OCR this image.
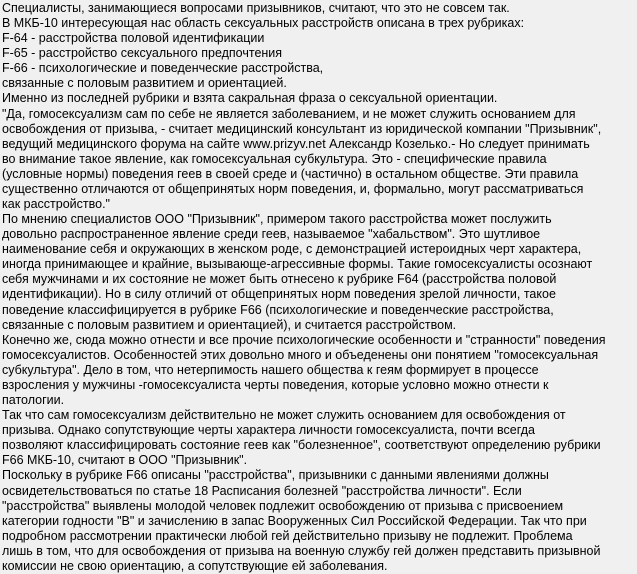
Специалисты, занимающиеся вопросами призывников, считают, что это не совсем так.
В МКБ-10 интересующая нас область сексуальных расстройств описана в трех рубриках:
F-64 - расстройства половой идентификации
F-65 - расстройство сексуального предпочтения
F-66 - психологические и поведенческие расстройства,
связанные с половым развитием и ориентацией.
Именно из последней рубрики и взята сакральная фраза о сексуальной ориентации.
"Да, гомосексуализм сам по себе не является заболеванием, и не может служить основанием для
освобождения от призыва, - считает медицинский консультант из юридической компании "Призывник",
ведущий медицинского форума на сайте www.prizyv.net Александр Козелько.- Но следует принимать
во внимание такое явление, как гомосексуальная субкультура. Это - специфические правила
(условные нормы) поведения геев в своей среде и (частично) в остальном обществе. Эти правила
существенно отличаются от общепринятых норм поведения, и, формально, могут рассматриваться
как расстройство."
По мнению специалистов ООО "Призывник", примером такого расстройства может послужить
довольно распространенное явление среди геев, называемое "хабальством". Это шутливое
наименование себя и окружающих в женском роде, с демонстрацией истероидных черт характера,
иногда принимающее и крайние, вызывающе-агрессивные формы. Такие гомосексуалисты осознают
себя мужчинами и их состояние не может быть отнесено к рубрике F64 (расстройства половой
идентификации). Но в силу отличий от общепринятых норм поведения зрелой личности, такое
поведение классифицируется в рубрике F66 (психологические и поведенческие расстройства,
связанные с половым развитием и ориентацией), и считается расстройством.
Конечно же, сюда можно отнести и все прочие психологические особенности и "странности" поведения
гомосексуалистов. Особенностей этих довольно много и объеденены они понятием "гомосексуальная
субкультура". Дело в том, что нетерпимость нашего общества к геям формирует в процессе
взросления у мужчины -гомосексуалиста черты поведения, которые условно можно отнести к
патологии.
Так что сам гомосексуализм действительно не может служить основанием для освобождения от
призыва. Однако сопутствующие черты характера личности гомосексуалиста, почти всегда
позволяют классифицировать состояние геев как "болезненное", соответствуют определению рубрики
F66 МКБ-10, считают в ООО "Призывник".
Поскольку в рубрике F66 описаны "расстройства", призывники с данными явлениями должны
освидетельствоваться по статье 18 Расписания болезней "расстройства личности". Если
"расстройства" выявлены молодой человек подлежит освобождению от призыва с присвоением
категории годности "В" и зачислению в запас Вооруженных Сил Российской Федерации. Так что при
подробном рассмотрении практически любой гей действительно призыву не подлежит. Проблема
лишь в том, что для освобождения от призыва на военную службу гей должен представить призывной
комиссии не свою ориентацию, а сопутствующие ей заболевания.
